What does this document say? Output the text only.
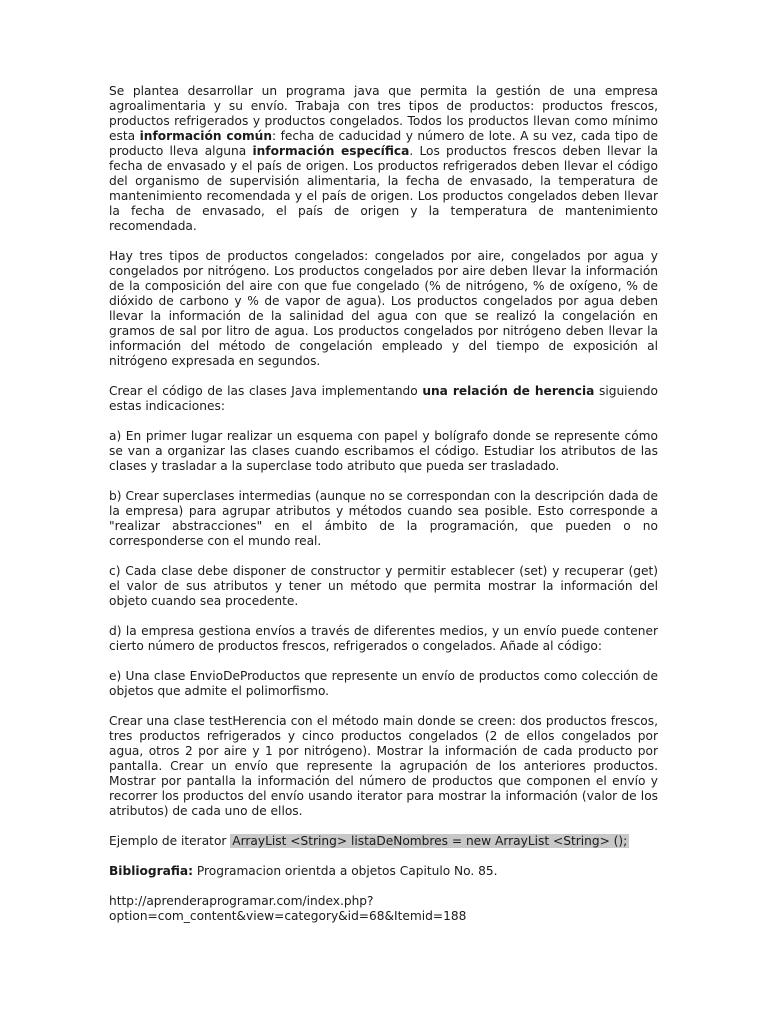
Se plantea desarrollar un programa java que permita la gestión de una empresa agroalimentaria y su envío. Trabaja con tres tipos de productos: productos frescos, productos refrigerados y productos congelados. Todos los productos llevan como mínimo esta información común: fecha de caducidad y número de lote. A su vez, cada tipo de producto lleva alguna información específica. Los productos frescos deben llevar la fecha de envasado y el país de origen. Los productos refrigerados deben llevar el código del organismo de supervisión alimentaria, la fecha de envasado, la temperatura de mantenimiento recomendada y el país de origen. Los productos congelados deben llevar la fecha de envasado, el país de origen y la temperatura de mantenimiento recomendada.

Hay tres tipos de productos congelados: congelados por aire, congelados por agua y congelados por nitrógeno. Los productos congelados por aire deben llevar la información de la composición del aire con que fue congelado (% de nitrógeno, % de oxígeno, % de dióxido de carbono y % de vapor de agua). Los productos congelados por agua deben llevar la información de la salinidad del agua con que se realizó la congelación en gramos de sal por litro de agua. Los productos congelados por nitrógeno deben llevar la información del método de congelación empleado y del tiempo de exposición al nitrógeno expresada en segundos.

Crear el código de las clases Java implementando una relación de herencia siguiendo estas indicaciones:

a) En primer lugar realizar un esquema con papel y bolígrafo donde se represente cómo se van a organizar las clases cuando escribamos el código. Estudiar los atributos de las clases y trasladar a la superclase todo atributo que pueda ser trasladado.

b) Crear superclases intermedias (aunque no se correspondan con la descripción dada de la empresa) para agrupar atributos y métodos cuando sea posible. Esto corresponde a "realizar abstracciones" en el ámbito de la programación, que pueden o no corresponderse con el mundo real.

c) Cada clase debe disponer de constructor y permitir establecer (set) y recuperar (get) el valor de sus atributos y tener un método que permita mostrar la información del objeto cuando sea procedente.

d) la empresa gestiona envíos a través de diferentes medios, y un envío puede contener cierto número de productos frescos, refrigerados o congelados. Añade al código:

e) Una clase EnvioDeProductos que represente un envío de productos como colección de objetos que admite el polimorfismo.

Crear una clase testHerencia con el método main donde se creen: dos productos frescos, tres productos refrigerados y cinco productos congelados (2 de ellos congelados por agua, otros 2 por aire y 1 por nitrógeno). Mostrar la información de cada producto por pantalla. Crear un envío que represente la agrupación de los anteriores productos. Mostrar por pantalla la información del número de productos que componen el envío y recorrer los productos del envío usando iterator para mostrar la información (valor de los atributos) de cada uno de ellos.

Ejemplo de iterator ArrayList <String> listaDeNombres = new ArrayList <String> ();

Bibliografia: Programacion orientda a objetos Capitulo No. 85.

http://aprenderaprogramar.com/index.php?
option=com_content&view=category&id=68&Itemid=188
